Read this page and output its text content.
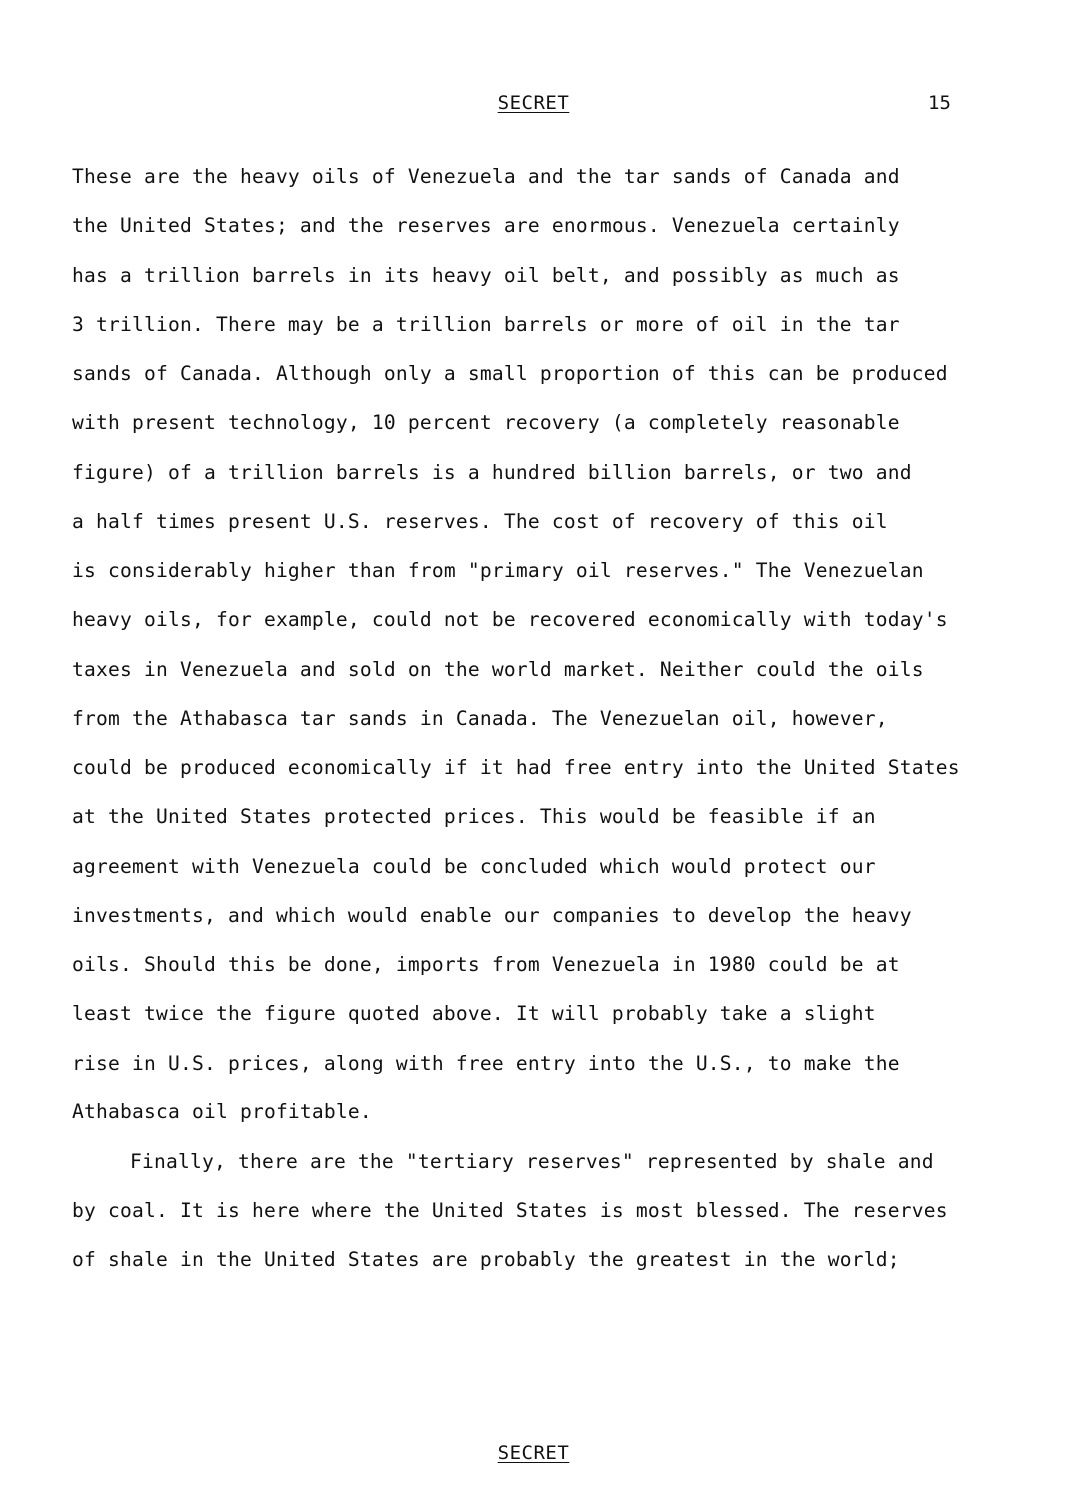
SECRET	15
These are the heavy oils of Venezuela and the tar sands of Canada and
the United States; and the reserves are enormous. Venezuela certainly
has a trillion barrels in its heavy oil belt, and possibly as much as
3 trillion. There may be a trillion barrels or more of oil in the tar
sands of Canada. Although only a small proportion of this can be produced
with present technology, 10 percent recovery (a completely reasonable
figure) of a trillion barrels is a hundred billion barrels, or two and
a half times present U.S. reserves. The cost of recovery of this oil
is considerably higher than from "primary oil reserves." The Venezuelan
heavy oils, for example, could not be recovered economically with today's
taxes in Venezuela and sold on the world market. Neither could the oils
from the Athabasca tar sands in Canada. The Venezuelan oil, however,
could be produced economically if it had free entry into the United States
at the United States protected prices. This would be feasible if an
agreement with Venezuela could be concluded which would protect our
investments, and which would enable our companies to develop the heavy
oils. Should this be done, imports from Venezuela in 1980 could be at
least twice the figure quoted above. It will probably take a slight
rise in U.S. prices, along with free entry into the U.S., to make the
Athabasca oil profitable.
Finally, there are the "tertiary reserves" represented by shale and
by coal. It is here where the United States is most blessed. The reserves
of shale in the United States are probably the greatest in the world;
SECRET
